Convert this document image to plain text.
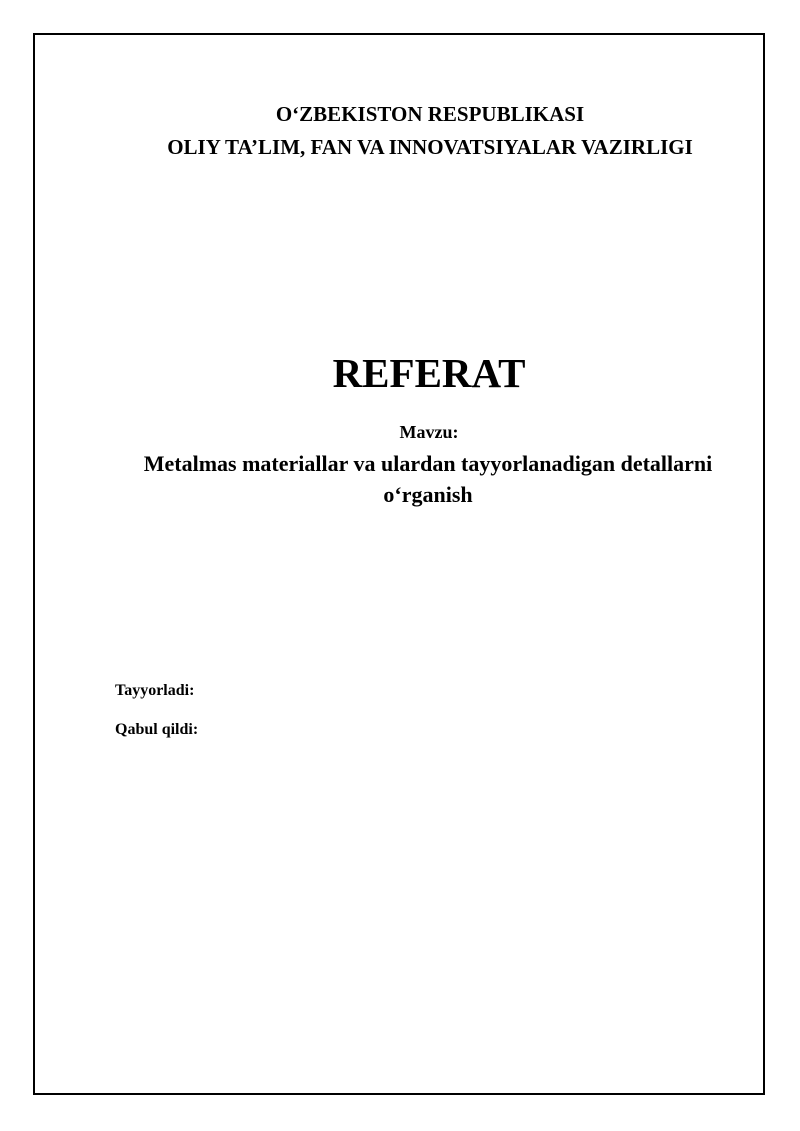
O‘ZBEKISTON RESPUBLIKASI
OLIY TA’LIM, FAN VA INNOVATSIYALAR VAZIRLIGI
REFERAT
Mavzu:
Metalmas materiallar va ulardan tayyorlanadigan detallarni o‘rganish
Tayyorladi:
Qabul qildi:
